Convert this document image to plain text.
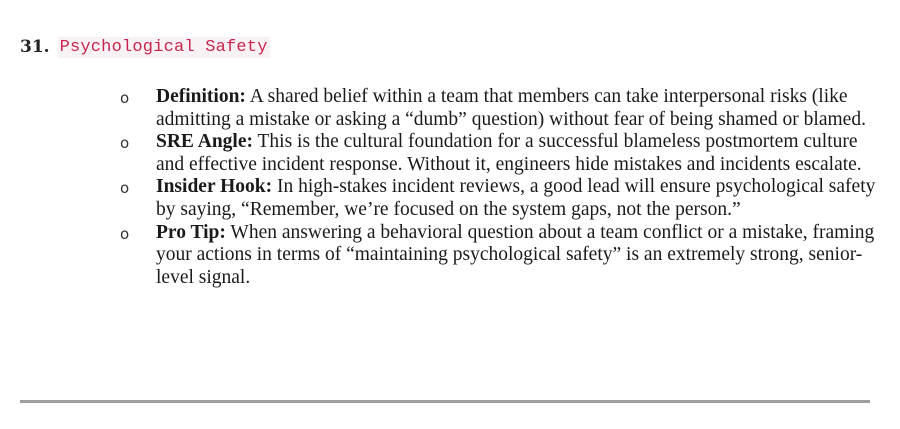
31. Psychological Safety
o Definition: A shared belief within a team that members can take interpersonal risks (like admitting a mistake or asking a “dumb” question) without fear of being shamed or blamed.
o SRE Angle: This is the cultural foundation for a successful blameless postmortem culture and effective incident response. Without it, engineers hide mistakes and incidents escalate.
o Insider Hook: In high-stakes incident reviews, a good lead will ensure psychological safety by saying, “Remember, we’re focused on the system gaps, not the person.”
o Pro Tip: When answering a behavioral question about a team conflict or a mistake, framing your actions in terms of “maintaining psychological safety” is an extremely strong, senior-level signal.
